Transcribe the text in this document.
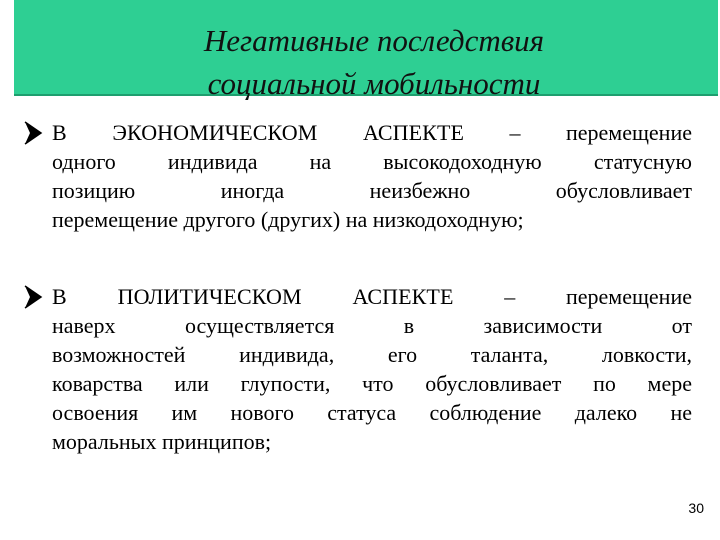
Негативные последствия
социальной мобильности
В ЭКОНОМИЧЕСКОМ АСПЕКТЕ – перемещение
одного индивида на высокодоходную статусную
позицию иногда неизбежно обусловливает
перемещение другого (других) на низкодоходную;
В ПОЛИТИЧЕСКОМ АСПЕКТЕ – перемещение
наверх осуществляется в зависимости от
возможностей индивида, его таланта, ловкости,
коварства или глупости, что обусловливает по мере
освоения им нового статуса соблюдение далеко не
моральных принципов;
30
